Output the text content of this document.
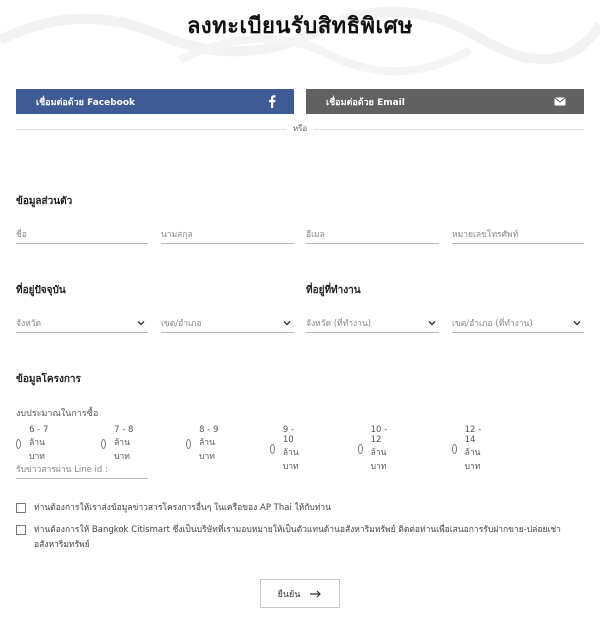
ลงทะเบียนรับสิทธิพิเศษ
เชื่อมต่อด้วย Facebook	เชื่อมต่อด้วย Email
หรือ
ข้อมูลส่วนตัว
ชื่อ	นามสกุล	อีเมล	หมายเลขโทรศัพท์
ที่อยู่ปัจจุบัน	ที่อยู่ที่ทำงาน
จังหวัด	เขต/อำเภอ	จังหวัด (ที่ทำงาน)	เขต/อำเภอ (ที่ทำงาน)
ข้อมูลโครงการ
งบประมาณในการซื้อ
6 - 7 ล้านบาท
7 - 8 ล้านบาท
8 - 9 ล้านบาท
9 - 10 ล้านบาท
10 - 12 ล้านบาท
12 - 14 ล้านบาท
รับข่าวสารผ่าน Line id :
ท่านต้องการให้เราส่งข้อมูลข่าวสารโครงการอื่นๆ ในเครือของ AP Thai ให้กับท่าน
ท่านต้องการให้ Bangkok Citismart ซึ่งเป็นบริษัทที่เรามอบหมายให้เป็นตัวแทนด้านอสังหาริมทรัพย์ ติดต่อท่านเพื่อเสนอการรับฝากขาย-ปล่อยเช่า
อสังหาริมทรัพย์
ยืนยัน
